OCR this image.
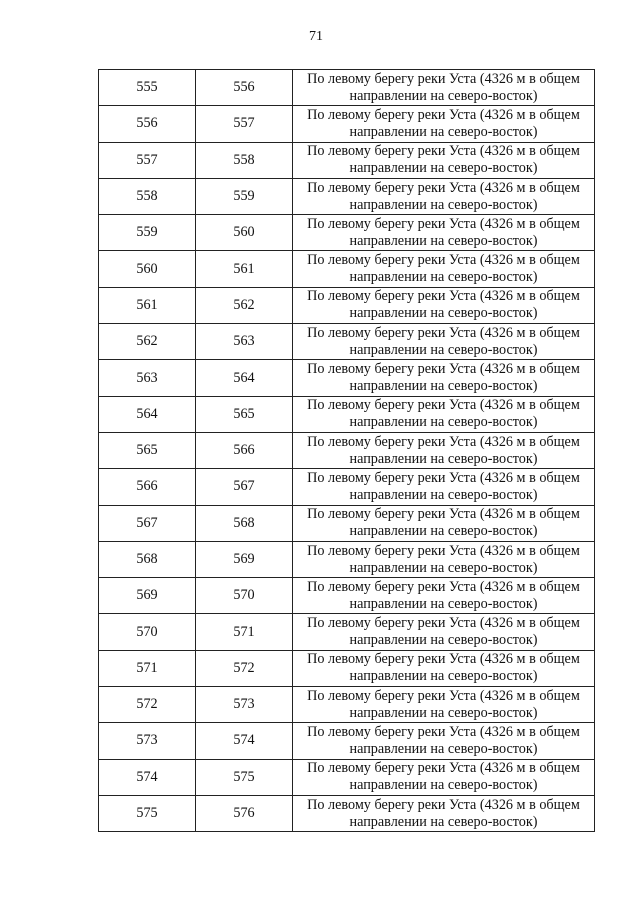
71
555	556	По левому берегу реки Уста (4326 м в общем направлении на северо-восток)
556	557	По левому берегу реки Уста (4326 м в общем направлении на северо-восток)
557	558	По левому берегу реки Уста (4326 м в общем направлении на северо-восток)
558	559	По левому берегу реки Уста (4326 м в общем направлении на северо-восток)
559	560	По левому берегу реки Уста (4326 м в общем направлении на северо-восток)
560	561	По левому берегу реки Уста (4326 м в общем направлении на северо-восток)
561	562	По левому берегу реки Уста (4326 м в общем направлении на северо-восток)
562	563	По левому берегу реки Уста (4326 м в общем направлении на северо-восток)
563	564	По левому берегу реки Уста (4326 м в общем направлении на северо-восток)
564	565	По левому берегу реки Уста (4326 м в общем направлении на северо-восток)
565	566	По левому берегу реки Уста (4326 м в общем направлении на северо-восток)
566	567	По левому берегу реки Уста (4326 м в общем направлении на северо-восток)
567	568	По левому берегу реки Уста (4326 м в общем направлении на северо-восток)
568	569	По левому берегу реки Уста (4326 м в общем направлении на северо-восток)
569	570	По левому берегу реки Уста (4326 м в общем направлении на северо-восток)
570	571	По левому берегу реки Уста (4326 м в общем направлении на северо-восток)
571	572	По левому берегу реки Уста (4326 м в общем направлении на северо-восток)
572	573	По левому берегу реки Уста (4326 м в общем направлении на северо-восток)
573	574	По левому берегу реки Уста (4326 м в общем направлении на северо-восток)
574	575	По левому берегу реки Уста (4326 м в общем направлении на северо-восток)
575	576	По левому берегу реки Уста (4326 м в общем направлении на северо-восток)
